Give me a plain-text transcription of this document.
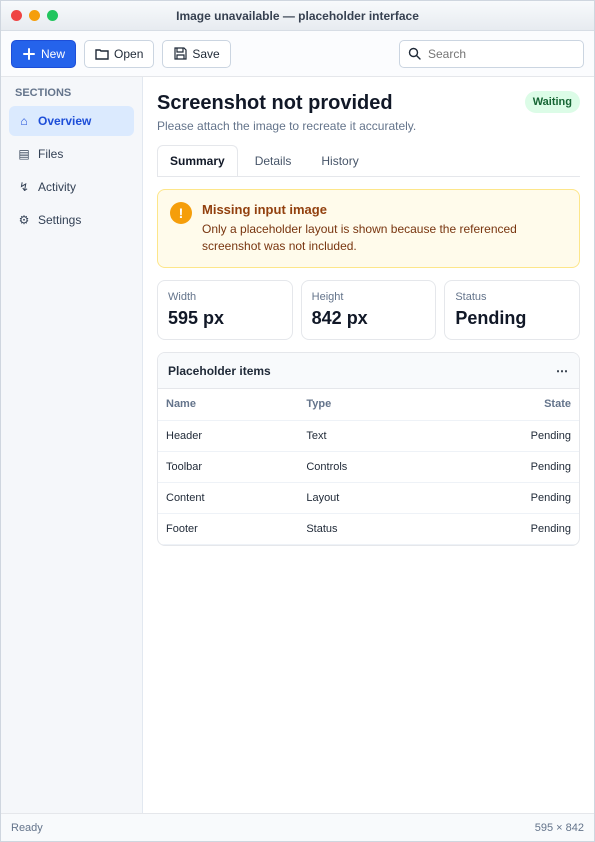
Image unavailable — placeholder interface
New	Open	Save
Search
SECTIONS
⌂ Overview
▤ Files
↯ Activity
⚙ Settings
Screenshot not provided
Please attach the image to recreate it accurately.
Waiting
Summary	Details	History
!	Missing input image
Only a placeholder layout is shown because the referenced screenshot was not included.
Width
595 px
Height
842 px
Status
Pending
Placeholder items	⋯
Name	Type	State
Header	Text	Pending
Toolbar	Controls	Pending
Content	Layout	Pending
Footer	Status	Pending
Ready	595 × 842
